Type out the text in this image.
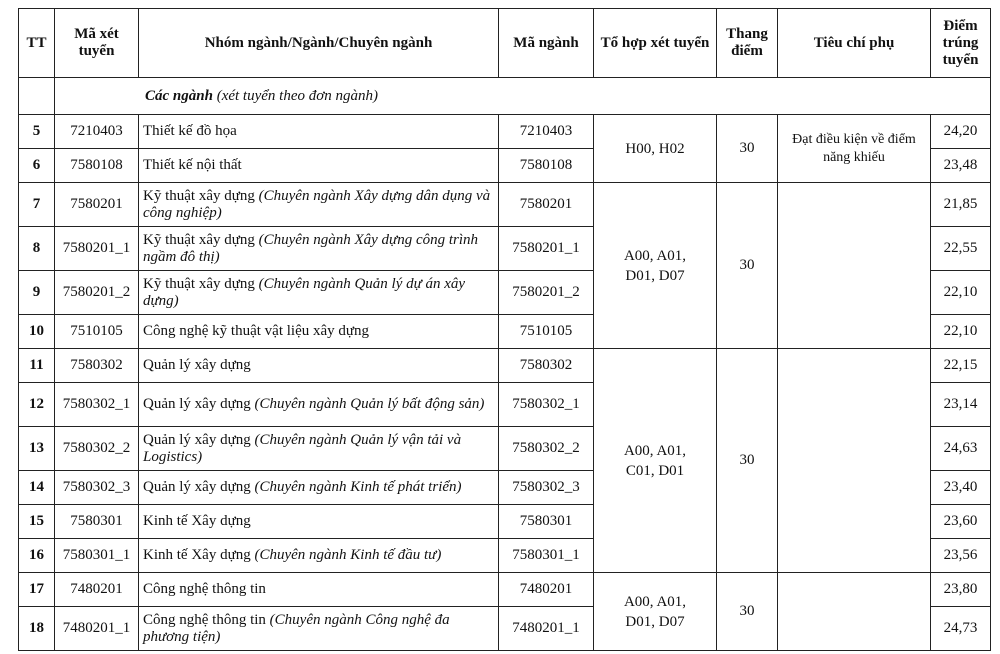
TT	Mã xét tuyển	Nhóm ngành/Ngành/Chuyên ngành	Mã ngành	Tổ hợp xét tuyển	Thang điểm	Tiêu chí phụ	Điểm trúng tuyển
	Các ngành (xét tuyển theo đơn ngành)						
5	7210403	Thiết kế đồ họa	7210403	H00, H02	30	Đạt điều kiện về điểm năng khiếu	24,20
6	7580108	Thiết kế nội thất	7580108				23,48
7	7580201	Kỹ thuật xây dựng (Chuyên ngành Xây dựng dân dụng và công nghiệp)	7580201	A00, A01, D01, D07	30		21,85
8	7580201_1	Kỹ thuật xây dựng (Chuyên ngành Xây dựng công trình ngầm đô thị)	7580201_1				22,55
9	7580201_2	Kỹ thuật xây dựng (Chuyên ngành Quản lý dự án xây dựng)	7580201_2				22,10
10	7510105	Công nghệ kỹ thuật vật liệu xây dựng	7510105				22,10
11	7580302	Quản lý xây dựng	7580302	A00, A01, C01, D01	30		22,15
12	7580302_1	Quản lý xây dựng (Chuyên ngành Quản lý bất động sản)	7580302_1				23,14
13	7580302_2	Quản lý xây dựng (Chuyên ngành Quản lý vận tải và Logistics)	7580302_2				24,63
14	7580302_3	Quản lý xây dựng (Chuyên ngành Kinh tế phát triển)	7580302_3				23,40
15	7580301	Kinh tế Xây dựng	7580301				23,60
16	7580301_1	Kinh tế Xây dựng (Chuyên ngành Kinh tế đầu tư)	7580301_1				23,56
17	7480201	Công nghệ thông tin	7480201	A00, A01, D01, D07	30		23,80
18	7480201_1	Công nghệ thông tin (Chuyên ngành Công nghệ đa phương tiện)	7480201_1				24,73
